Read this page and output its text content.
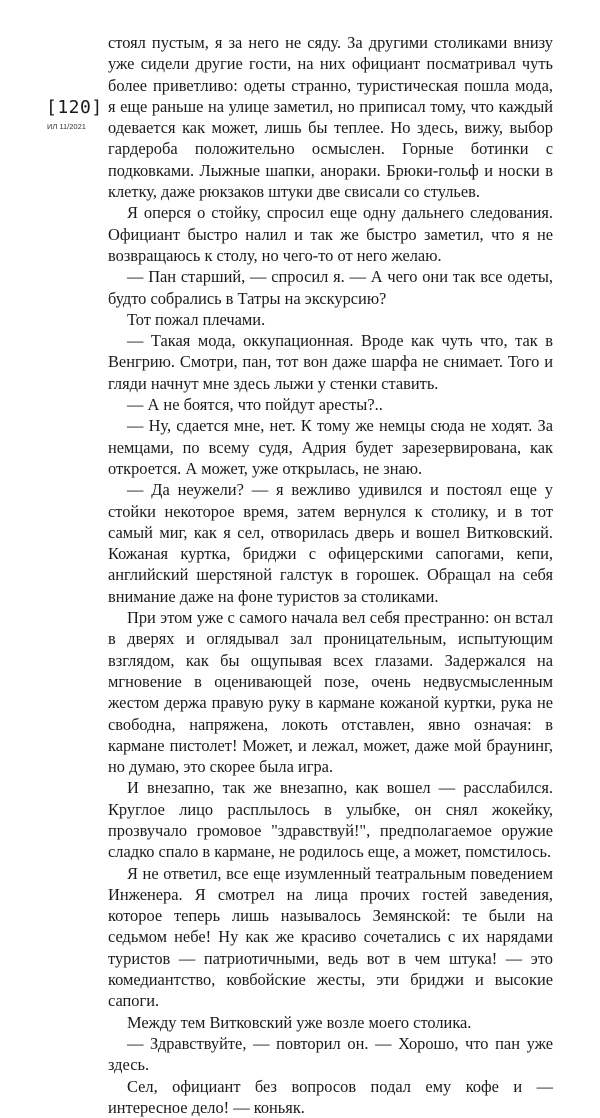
[120]
ИЛ 11/2021

стоял пустым, я за него не сяду. За другими столиками внизу уже сидели другие гости, на них официант посматривал чуть более приветливо: одеты странно, туристическая пошла мода, я еще раньше на улице заметил, но приписал тому, что каждый одевается как может, лишь бы теплее. Но здесь, вижу, выбор гардероба положительно осмыслен. Горные ботинки с подковками. Лыжные шапки, анораки. Брюки-гольф и носки в клетку, даже рюкзаков штуки две свисали со стульев.

Я оперся о стойку, спросил еще одну дальнего следования. Официант быстро налил и так же быстро заметил, что я не возвращаюсь к столу, но чего-то от него желаю.

— Пан старший, — спросил я. — А чего они так все одеты, будто собрались в Татры на экскурсию?

Тот пожал плечами.

— Такая мода, оккупационная. Вроде как чуть что, так в Венгрию. Смотри, пан, тот вон даже шарфа не снимает. Того и гляди начнут мне здесь лыжи у стенки ставить.

— А не боятся, что пойдут аресты?..

— Ну, сдается мне, нет. К тому же немцы сюда не ходят. За немцами, по всему судя, Адрия будет зарезервирована, как откроется. А может, уже открылась, не знаю.

— Да неужели? — я вежливо удивился и постоял еще у стойки некоторое время, затем вернулся к столику, и в тот самый миг, как я сел, отворилась дверь и вошел Витковский. Кожаная куртка, бриджи с офицерскими сапогами, кепи, английский шерстяной галстук в горошек. Обращал на себя внимание даже на фоне туристов за столиками.

При этом уже с самого начала вел себя престранно: он встал в дверях и оглядывал зал проницательным, испытующим взглядом, как бы ощупывая всех глазами. Задержался на мгновение в оценивающей позе, очень недвусмысленным жестом держа правую руку в кармане кожаной куртки, рука не свободна, напряжена, локоть отставлен, явно означая: в кармане пистолет! Может, и лежал, может, даже мой браунинг, но думаю, это скорее была игра.

И внезапно, так же внезапно, как вошел — расслабился. Круглое лицо расплылось в улыбке, он снял жокейку, прозвучало громовое "здравствуй!", предполагаемое оружие сладко спало в кармане, не родилось еще, а может, помстилось.

Я не ответил, все еще изумленный театральным поведением Инженера. Я смотрел на лица прочих гостей заведения, которое теперь лишь называлось Земянской: те были на седьмом небе! Ну как же красиво сочетались с их нарядами туристов — патриотичными, ведь вот в чем штука! — это комедиантство, ковбойские жесты, эти бриджи и высокие сапоги.

Между тем Витковский уже возле моего столика.

— Здравствуйте, — повторил он. — Хорошо, что пан уже здесь.

Сел, официант без вопросов подал ему кофе и — интересное дело! — коньяк.
